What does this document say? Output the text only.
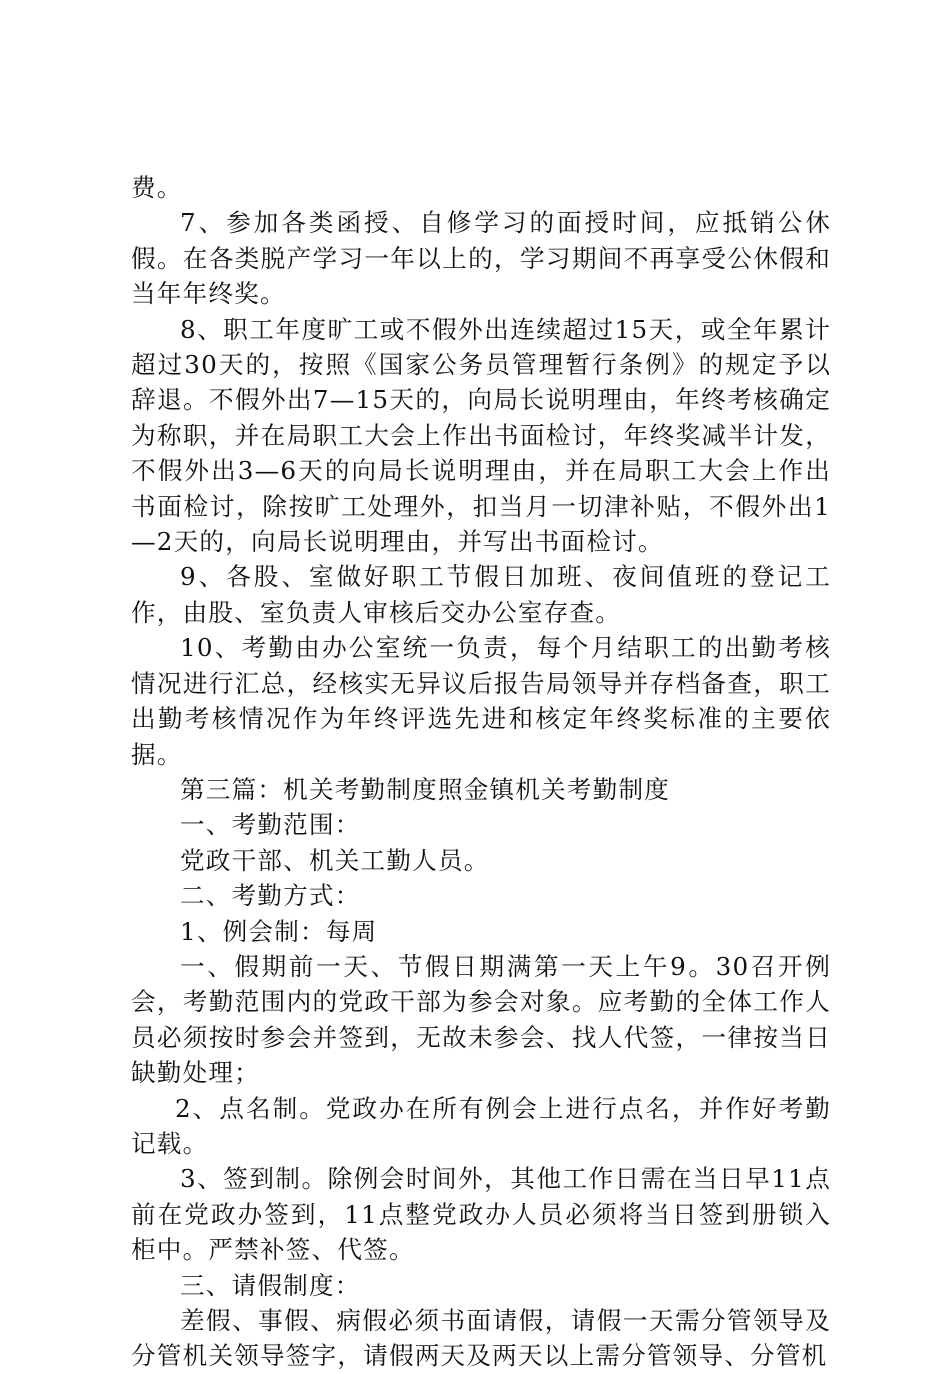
费。

7、参加各类函授、自修学习的面授时间，应抵销公休假。在各类脱产学习一年以上的，学习期间不再享受公休假和当年年终奖。

8、职工年度旷工或不假外出连续超过15天，或全年累计超过30天的，按照《国家公务员管理暂行条例》的规定予以辞退。不假外出7—15天的，向局长说明理由，年终考核确定为称职，并在局职工大会上作出书面检讨，年终奖减半计发，不假外出3—6天的向局长说明理由，并在局职工大会上作出书面检讨，除按旷工处理外，扣当月一切津补贴，不假外出1—2天的，向局长说明理由，并写出书面检讨。

9、各股、室做好职工节假日加班、夜间值班的登记工作，由股、室负责人审核后交办公室存查。

10、考勤由办公室统一负责，每个月结职工的出勤考核情况进行汇总，经核实无异议后报告局领导并存档备查，职工出勤考核情况作为年终评选先进和核定年终奖标准的主要依据。

第三篇：机关考勤制度照金镇机关考勤制度

一、考勤范围：

党政干部、机关工勤人员。

二、考勤方式：

1、例会制：每周

一、假期前一天、节假日期满第一天上午9。30召开例会，考勤范围内的党政干部为参会对象。应考勤的全体工作人员必须按时参会并签到，无故未参会、找人代签，一律按当日缺勤处理；

2、点名制。党政办在所有例会上进行点名，并作好考勤记载。

3、签到制。除例会时间外，其他工作日需在当日早11点前在党政办签到，11点整党政办人员必须将当日签到册锁入柜中。严禁补签、代签。

三、请假制度：

差假、事假、病假必须书面请假，请假一天需分管领导及分管机关领导签字，请假两天及两天以上需分管领导、分管机
